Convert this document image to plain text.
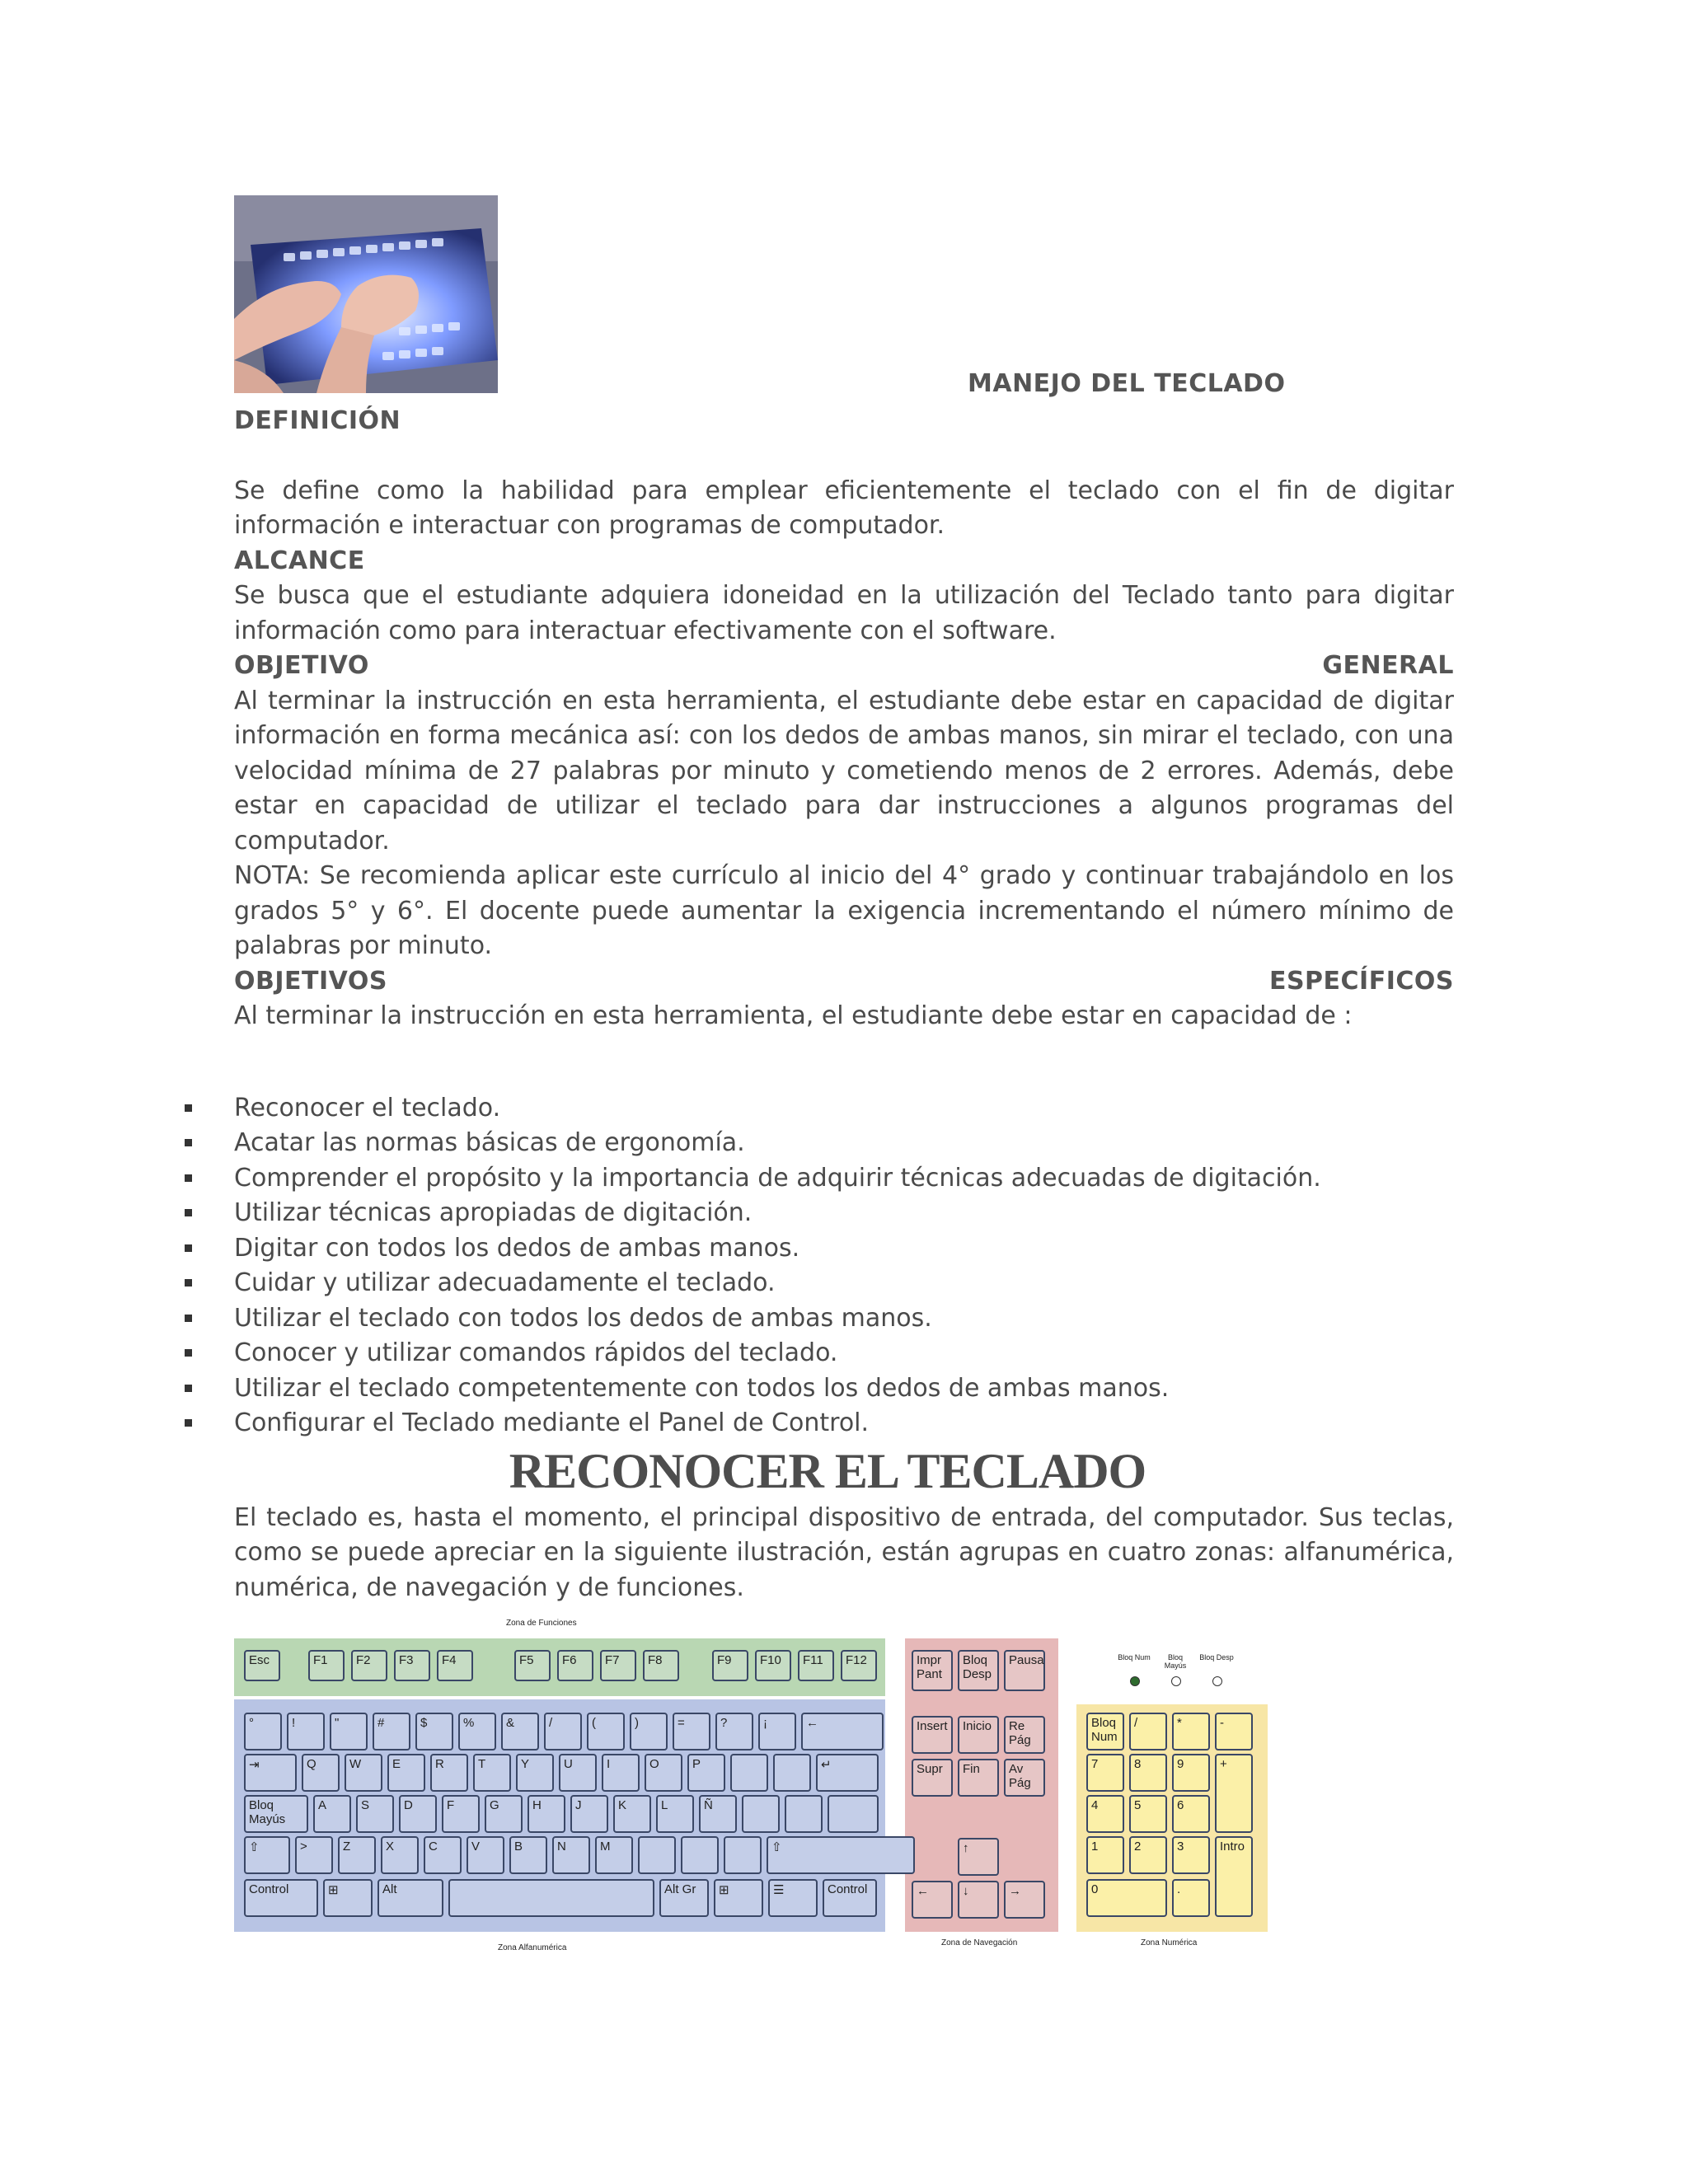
MANEJO DEL TECLADO

DEFINICIÓN

Se define como la habilidad para emplear eficientemente el teclado con el fin de digitar información e interactuar con programas de computador.

ALCANCE

Se busca que el estudiante adquiera idoneidad en la utilización del Teclado tanto para digitar información como para interactuar efectivamente con el software.

OBJETIVO	GENERAL

Al terminar la instrucción en esta herramienta, el estudiante debe estar en capacidad de digitar información en forma mecánica así: con los dedos de ambas manos, sin mirar el teclado, con una velocidad mínima de 27 palabras por minuto y cometiendo menos de 2 errores. Además, debe estar en capacidad de utilizar el teclado para dar instrucciones a algunos programas del computador.

NOTA: Se recomienda aplicar este currículo al inicio del 4° grado y continuar trabajándolo en los grados 5° y 6°. El docente puede aumentar la exigencia incrementando el número mínimo de palabras por minuto.

OBJETIVOS	ESPECÍFICOS

Al terminar la instrucción en esta herramienta, el estudiante debe estar en capacidad de :

Reconocer el teclado.
Acatar las normas básicas de ergonomía.
Comprender el propósito y la importancia de adquirir técnicas adecuadas de digitación.
Utilizar técnicas apropiadas de digitación.
Digitar con todos los dedos de ambas manos.
Cuidar y utilizar adecuadamente el teclado.
Utilizar el teclado con todos los dedos de ambas manos.
Conocer y utilizar comandos rápidos del teclado.
Utilizar el teclado competentemente con todos los dedos de ambas manos.
Configurar el Teclado mediante el Panel de Control.
RECONOCER EL TECLADO

El teclado es, hasta el momento, el principal dispositivo de entrada, del computador. Sus teclas, como se puede apreciar en la siguiente ilustración, están agrupas en cuatro zonas: alfanumérica, numérica, de navegación y de funciones.

Zona de Funciones
Zona Alfanumérica
Zona de Navegación	Zona Numérica
Esc	F1 F2 F3 F4	F5 F6 F7 F8	F9 F10 F11 F12
°	!	"	#	$	%	&	/	(	)	=	?	¡	←
⇥	Q	W	E	R	T	Y	U	I	O	P	↵
Bloq Mayús
A	S	D	F	G	H	J	K	L	Ñ
⇧	>	Z	X	C	V	B	N	M	⇧
Control	⊞	Alt	Alt Gr ⊞	☰	Control
Impr Pant
Bloq Desp
Pausa
Insert Inicio Re Pág
Supr Fin Av Pág
↑
←	↓	→
Bloq Num	Bloq Mayús
Bloq Desp
Bloq Num
/	*	-
7	8	9	+
4	5	6
1	2	3	Intro
0	.
